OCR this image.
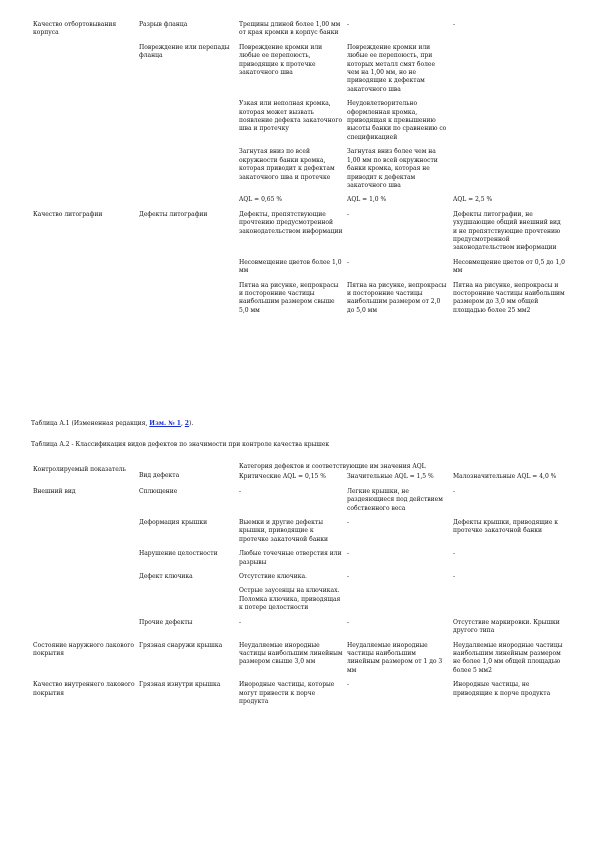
Качество отбортовывания корпуса	Разрыв фланца	Трещины длиной более 1,00 мм от края кромки в корпус банки	-	-
	Повреждение или перепады фланца	Повреждение кромки или любые ее перепоюсть, приводящие к протечке закаточного шва	Повреждение кромки или любые ее перепоюсть, при которых металл смят более чем на 1,00 мм, но не приводящие к дефектам закаточного шва	
		Узкая или неполная кромка, которая может вызвать появление дефекта закаточного шва и протечку	Неудовлетворительно оформленная кромка, приводящая к превышению высоты банки по сравнению со спецификацией	
		Загнутая вниз по всей окружности банки кромка, которая приводит к дефектам закаточного шва и протечке	Загнутая вниз более чем на 1,00 мм по всей окружности банки кромка, которая не приводит к дефектам закаточного шва	
		AQL = 0,65 %	AQL = 1,0 %	AQL = 2,5 %
Качество литографии	Дефекты литографии	Дефекты, препятствующие прочтению предусмотренной законодательством информации	-	Дефекты литографии, не ухудшающие общий внешний вид и не препятствующие прочтению предусмотренной законодательством информации
		Несовмещение цветов более 1,0 мм	-	Несовмещение цветов от 0,5 до 1,0 мм
		Пятна на рисунке, непрокрасы и посторонние частицы наибольшим размером свыше 5,0 мм	Пятна на рисунке, непрокрасы и посторонние частицы наибольшим размером от 2,0 до 5,0 мм	Пятна на рисунке, непрокрасы и посторонние частицы наибольшим размером до 3,0 мм общей площадью более 25 мм2
Таблица А.1 (Измененная редакция, Изм. № 1, 2).
Таблица А.2 - Классификация видов дефектов по значимости при контроле качества крышек
Контролируемый показатель	Вид дефекта	Категория дефектов и соответствующие им значения AQL		
		Критические AQL = 0,15 %	Значительные AQL = 1,5 %	Малозначительные AQL = 4,0 %
Внешний вид	Сплющение	-	Легкие крышки, не раздеяющиеся под действием собственного веса	-
	Деформация крышки	Выемки и другие дефекты крышки, приводящие к протечке закаточной банки	-	Дефекты крышки, приводящие к протечке закаточной банки
	Нарушение целостности	Любые точечные отверстия или разрывы	-	-
	Дефект ключика	Отсутствие ключика.	-	-
		Острые заусенцы на ключиках. Поломка ключика, приводящая к потере целостности		
	Прочие дефекты	-	-	Отсутствие маркировки. Крышки другого типа
Состояние наружного лакового покрытия	Грязная снаружи крышка	Неудаляемые инородные частицы наибольшим линейным размером свыше 3,0 мм	Неудаляемые инородные частицы наибольшим линейным размером от 1 до 3 мм	Неудаляемые инородные частицы наибольшим линейным размером не более 1,0 мм общей площадью более 5 мм2
Качество внутреннего лакового покрытия	Грязная изнутри крышка	Инородные частицы, которые могут привести к порче продукта	-	Инородные частицы, не приводящие к порче продукта
